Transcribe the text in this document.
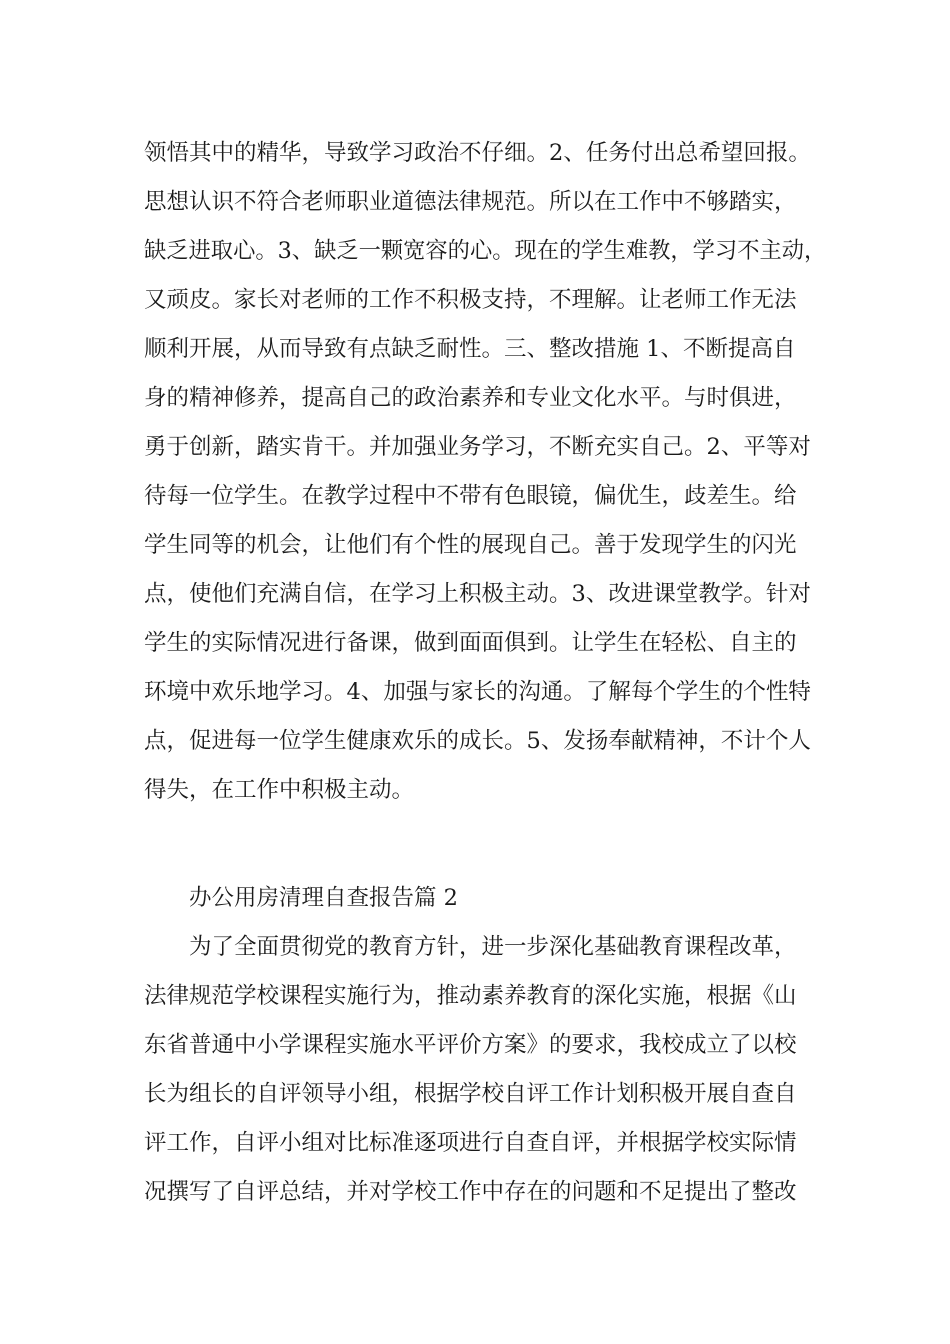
领悟其中的精华，导致学习政治不仔细。2、任务付出总希望回报。
思想认识不符合老师职业道德法律规范。所以在工作中不够踏实，
缺乏进取心。3、缺乏一颗宽容的心。现在的学生难教，学习不主动，
又顽皮。家长对老师的工作不积极支持，不理解。让老师工作无法
顺利开展，从而导致有点缺乏耐性。三、整改措施 1、不断提高自
身的精神修养，提高自己的政治素养和专业文化水平。与时俱进，
勇于创新，踏实肯干。并加强业务学习，不断充实自己。2、平等对
待每一位学生。在教学过程中不带有色眼镜，偏优生，歧差生。给
学生同等的机会，让他们有个性的展现自己。善于发现学生的闪光
点，使他们充满自信，在学习上积极主动。3、改进课堂教学。针对
学生的实际情况进行备课，做到面面俱到。让学生在轻松、自主的
环境中欢乐地学习。4、加强与家长的沟通。了解每个学生的个性特
点，促进每一位学生健康欢乐的成长。5、发扬奉献精神，不计个人
得失，在工作中积极主动。
办公用房清理自查报告篇 2
为了全面贯彻党的教育方针，进一步深化基础教育课程改革，
法律规范学校课程实施行为，推动素养教育的深化实施，根据《山
东省普通中小学课程实施水平评价方案》的要求，我校成立了以校
长为组长的自评领导小组，根据学校自评工作计划积极开展自查自
评工作，自评小组对比标准逐项进行自查自评，并根据学校实际情
况撰写了自评总结，并对学校工作中存在的问题和不足提出了整改
